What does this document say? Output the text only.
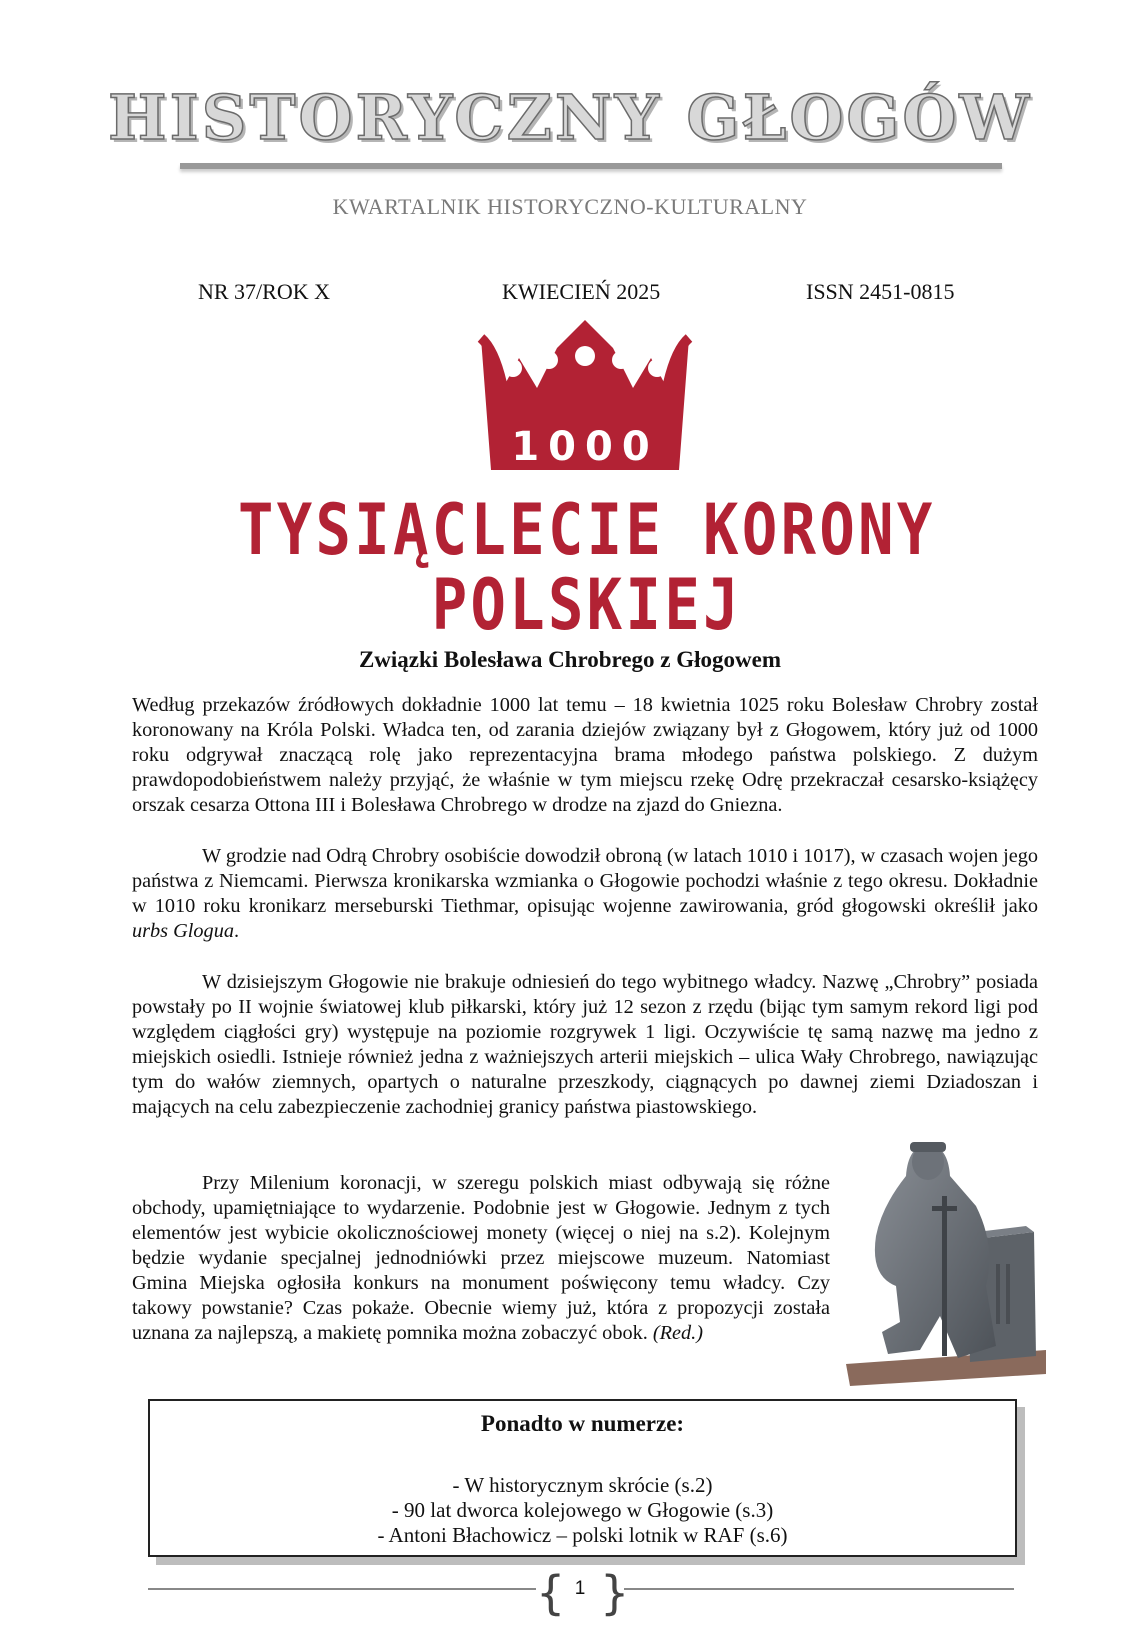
HISTORYCZNY GŁOGÓW
KWARTALNIK HISTORYCZNO-KULTURALNY
NR 37/ROK X	KWIECIEŃ 2025	ISSN 2451-0815
1000
TYSIĄCLECIE KORONY
POLSKIEJ
Związki Bolesława Chrobrego z Głogowem

Według przekazów źródłowych dokładnie 1000 lat temu – 18 kwietnia 1025 roku Bolesław Chrobry został koronowany na Króla Polski. Władca ten, od zarania dziejów związany był z Głogowem, który już od 1000 roku odgrywał znaczącą rolę jako reprezentacyjna brama młodego państwa polskiego. Z dużym prawdopodobieństwem należy przyjąć, że właśnie w tym miejscu rzekę Odrę przekraczał cesarsko-książęcy orszak cesarza Ottona III i Bolesława Chrobrego w drodze na zjazd do Gniezna.

W grodzie nad Odrą Chrobry osobiście dowodził obroną (w latach 1010 i 1017), w czasach wojen jego państwa z Niemcami. Pierwsza kronikarska wzmianka o Głogowie pochodzi właśnie z tego okresu. Dokładnie w 1010 roku kronikarz merseburski Tiethmar, opisując wojenne zawirowania, gród głogowski określił jako urbs Glogua.

W dzisiejszym Głogowie nie brakuje odniesień do tego wybitnego władcy. Nazwę „Chrobry” posiada powstały po II wojnie światowej klub piłkarski, który już 12 sezon z rzędu (bijąc tym samym rekord ligi pod względem ciągłości gry) występuje na poziomie rozgrywek 1 ligi. Oczywiście tę samą nazwę ma jedno z miejskich osiedli. Istnieje również jedna z ważniejszych arterii miejskich – ulica Wały Chrobrego, nawiązując tym do wałów ziemnych, opartych o naturalne przeszkody, ciągnących po dawnej ziemi Dziadoszan i mających na celu zabezpieczenie zachodniej granicy państwa piastowskiego.

Przy Milenium koronacji, w szeregu polskich miast odbywają się różne obchody, upamiętniające to wydarzenie. Podobnie jest w Głogowie. Jednym z tych elementów jest wybicie okolicznościowej monety (więcej o niej na s.2). Kolejnym będzie wydanie specjalnej jednodniówki przez miejscowe muzeum. Natomiast Gmina Miejska ogłosiła konkurs na monument poświęcony temu władcy. Czy takowy powstanie? Czas pokaże. Obecnie wiemy już, która z propozycji została uznana za najlepszą, a makietę pomnika można zobaczyć obok. (Red.)

Ponadto w numerze:
- W historycznym skrócie (s.2)
- 90 lat dworca kolejowego w Głogowie (s.3)
- Antoni Błachowicz – polski lotnik w RAF (s.6)
{ }
1
